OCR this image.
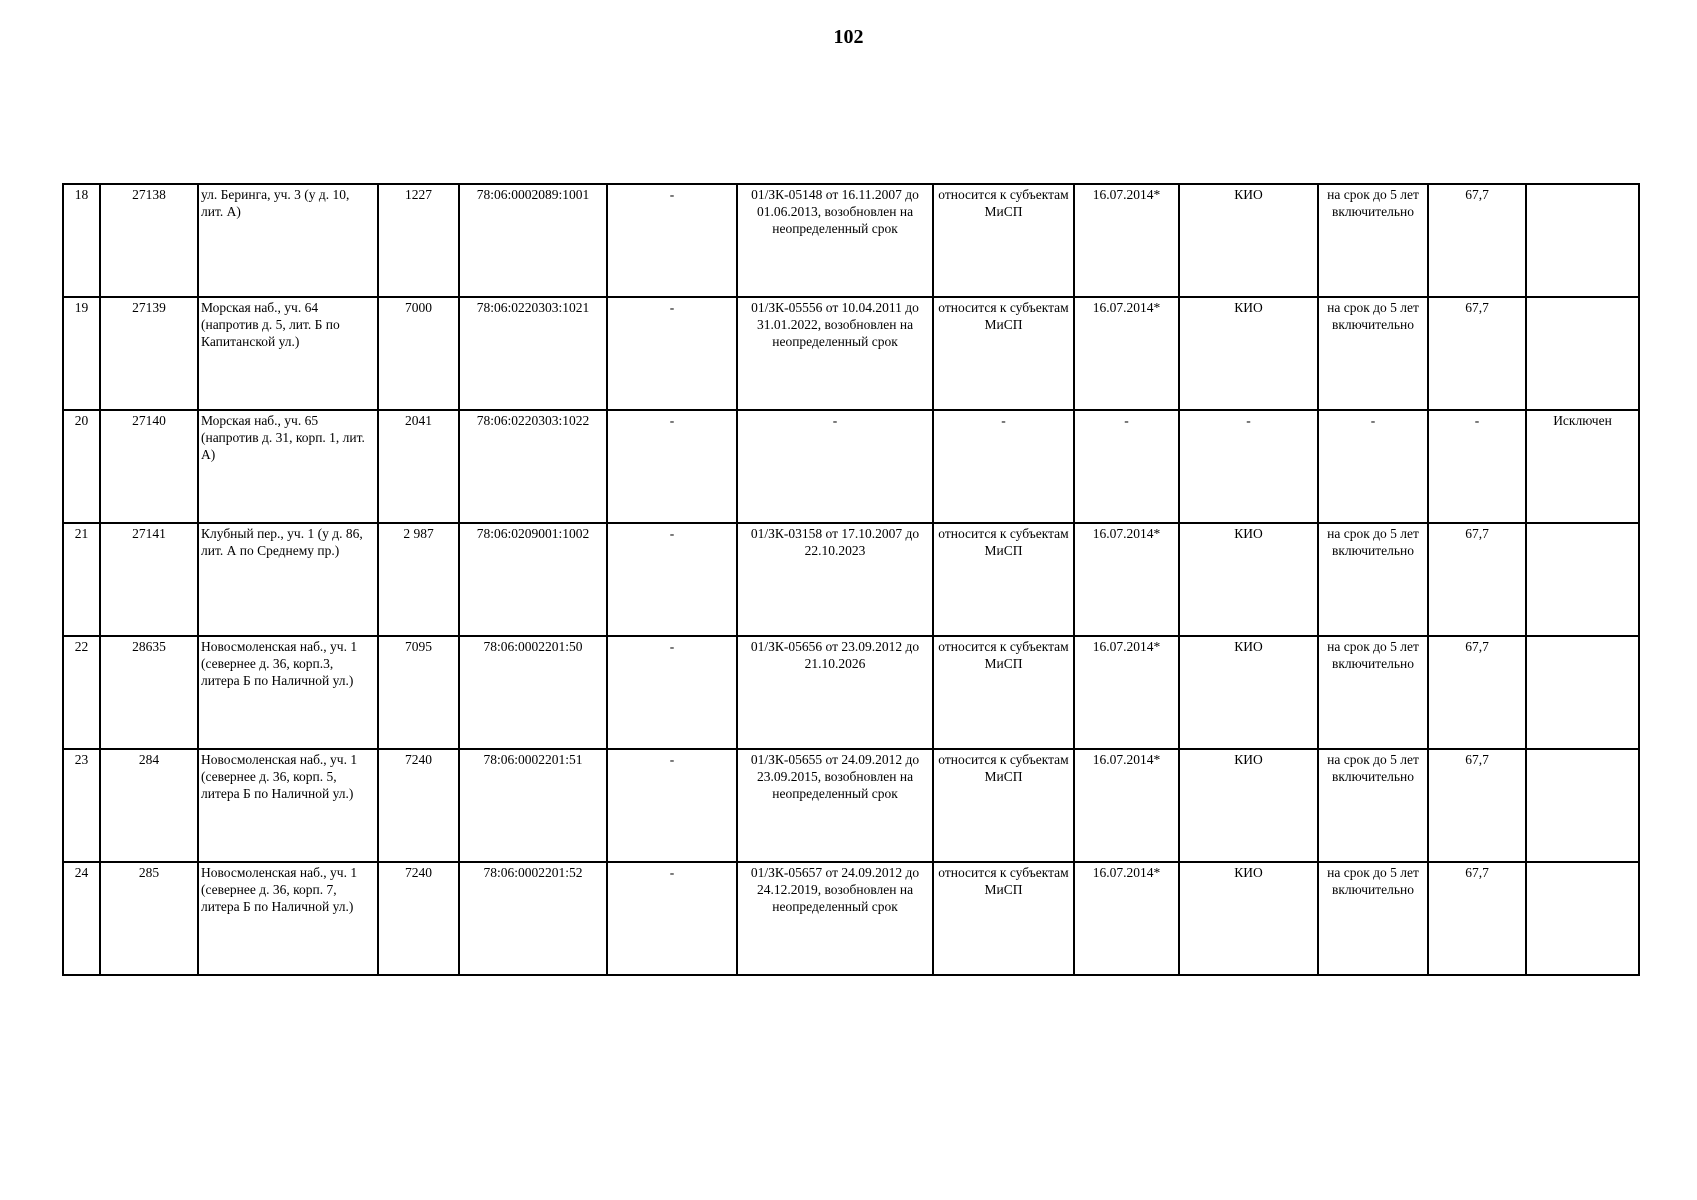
102
18	27138	ул. Беринга, уч. 3 (у д. 10, лит. А)	1227	78:06:0002089:1001	-	01/ЗК-05148 от 16.11.2007 до 01.06.2013, возобновлен на неопределенный срок	относится к субъектам МиСП	16.07.2014*	КИО	на срок до 5 лет включительно	67,7	
19	27139	Морская наб., уч. 64 (напротив д. 5, лит. Б по Капитанской ул.)	7000	78:06:0220303:1021	-	01/ЗК-05556 от 10.04.2011 до 31.01.2022, возобновлен на неопределенный срок	относится к субъектам МиСП	16.07.2014*	КИО	на срок до 5 лет включительно	67,7	
20	27140	Морская наб., уч. 65 (напротив д. 31, корп. 1, лит. А)	2041	78:06:0220303:1022	-	-	-	-	-	-	-	Исключен
21	27141	Клубный пер., уч. 1 (у д. 86, лит. А по Среднему пр.)	2 987	78:06:0209001:1002	-	01/ЗК-03158 от 17.10.2007 до 22.10.2023	относится к субъектам МиСП	16.07.2014*	КИО	на срок до 5 лет включительно	67,7	
22	28635	Новосмоленская наб., уч. 1 (севернее д. 36, корп.3, литера Б по Наличной ул.)	7095	78:06:0002201:50	-	01/ЗК-05656 от 23.09.2012 до 21.10.2026	относится к субъектам МиСП	16.07.2014*	КИО	на срок до 5 лет включительно	67,7	
23	284	Новосмоленская наб., уч. 1 (севернее д. 36, корп. 5, литера Б по Наличной ул.)	7240	78:06:0002201:51	-	01/ЗК-05655 от 24.09.2012 до 23.09.2015, возобновлен на неопределенный срок	относится к субъектам МиСП	16.07.2014*	КИО	на срок до 5 лет включительно	67,7	
24	285	Новосмоленская наб., уч. 1 (севернее д. 36, корп. 7, литера Б по Наличной ул.)	7240	78:06:0002201:52	-	01/ЗК-05657 от 24.09.2012 до 24.12.2019, возобновлен на неопределенный срок	относится к субъектам МиСП	16.07.2014*	КИО	на срок до 5 лет включительно	67,7	
